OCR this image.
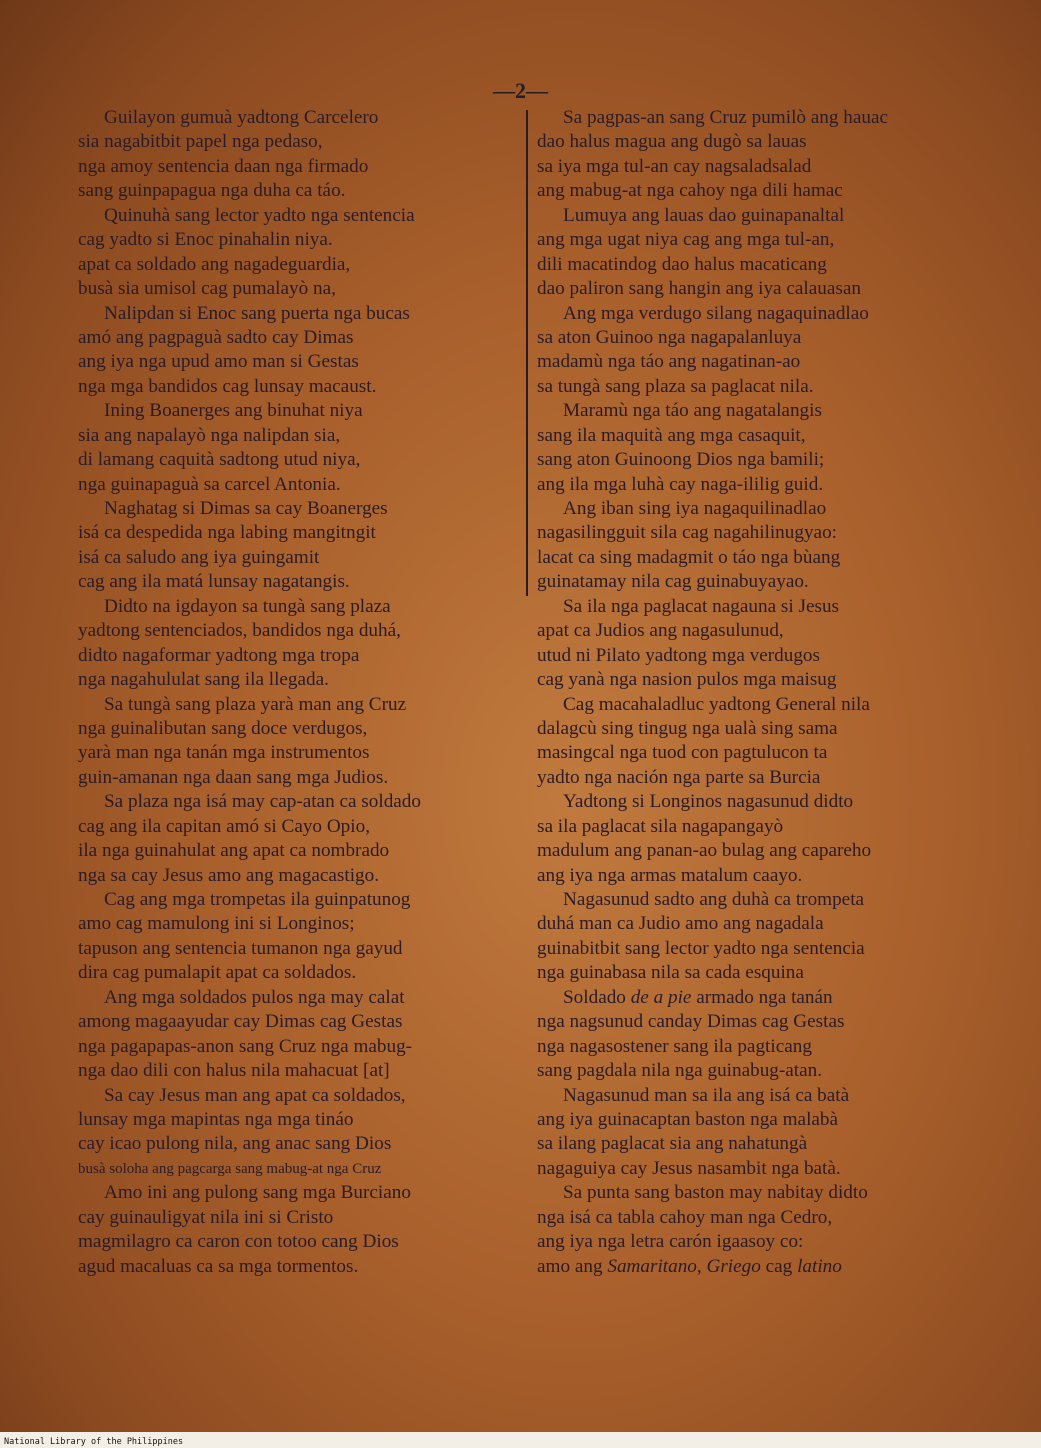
—2—
Guilayon gumuà yadtong Carcelero
sia nagabitbit papel nga pedaso,
nga amoy sentencia daan nga firmado
sang guinpapagua nga duha ca táo.
Quinuhà sang lector yadto nga sentencia
cag yadto si Enoc pinahalin niya.
apat ca soldado ang nagadeguardia,
busà sia umisol cag pumalayò na,
Nalipdan si Enoc sang puerta nga bucas
amó ang pagpaguà sadto cay Dimas
ang iya nga upud amo man si Gestas
nga mga bandidos cag lunsay macaust.
Ining Boanerges ang binuhat niya
sia ang napalayò nga nalipdan sia,
di lamang caquità sadtong utud niya,
nga guinapaguà sa carcel Antonia.
Naghatag si Dimas sa cay Boanerges
isá ca despedida nga labing mangitngit
isá ca saludo ang iya guingamit
cag ang ila matá lunsay nagatangis.
Didto na igdayon sa tungà sang plaza
yadtong sentenciados, bandidos nga duhá,
didto nagaformar yadtong mga tropa
nga nagahululat sang ila llegada.
Sa tungà sang plaza yarà man ang Cruz
nga guinalibutan sang doce verdugos,
yarà man nga tanán mga instrumentos
guin-amanan nga daan sang mga Judios.
Sa plaza nga isá may cap-atan ca soldado
cag ang ila capitan amó si Cayo Opio,
ila nga guinahulat ang apat ca nombrado
nga sa cay Jesus amo ang magacastigo.
Cag ang mga trompetas ila guinpatunog
amo cag mamulong ini si Longinos;
tapuson ang sentencia tumanon nga gayud
dira cag pumalapit apat ca soldados.
Ang mga soldados pulos nga may calat
among magaayudar cay Dimas cag Gestas
nga pagapapas-anon sang Cruz nga mabug-
nga dao dili con halus nila mahacuat [at]
Sa cay Jesus man ang apat ca soldados,
lunsay mga mapintas nga mga tináo
cay icao pulong nila, ang anac sang Dios
busà soloha ang pagcarga sang mabug-at nga Cruz
Amo ini ang pulong sang mga Burciano
cay guinauligyat nila ini si Cristo
magmilagro ca caron con totoo cang Dios
agud macaluas ca sa mga tormentos.
Sa pagpas-an sang Cruz pumilò ang hauac
dao halus magua ang dugò sa lauas
sa iya mga tul-an cay nagsaladsalad
ang mabug-at nga cahoy nga dili hamac
Lumuya ang lauas dao guinapanaltal
ang mga ugat niya cag ang mga tul-an,
dili macatindog dao halus macaticang
dao paliron sang hangin ang iya calauasan
Ang mga verdugo silang nagaquinadlao
sa aton Guinoo nga nagapalanluya
madamù nga táo ang nagatinan-ao
sa tungà sang plaza sa paglacat nila.
Maramù nga táo ang nagatalangis
sang ila maquità ang mga casaquit,
sang aton Guinoong Dios nga bamili;
ang ila mga luhà cay naga-ililig guid.
Ang iban sing iya nagaquilinadlao
nagasilingguit sila cag nagahilinugyao:
lacat ca sing madagmit o táo nga bùang
guinatamay nila cag guinabuyayao.
Sa ila nga paglacat nagauna si Jesus
apat ca Judios ang nagasulunud,
utud ni Pilato yadtong mga verdugos
cag yanà nga nasion pulos mga maisug
Cag macahaladluc yadtong General nila
dalagcù sing tingug nga ualà sing sama
masingcal nga tuod con pagtulucon ta
yadto nga nación nga parte sa Burcia
Yadtong si Longinos nagasunud didto
sa ila paglacat sila nagapangayò
madulum ang panan-ao bulag ang capareho
ang iya nga armas matalum caayo.
Nagasunud sadto ang duhà ca trompeta
duhá man ca Judio amo ang nagadala
guinabitbit sang lector yadto nga sentencia
nga guinabasa nila sa cada esquina
Soldado de a pie armado nga tanán
nga nagsunud canday Dimas cag Gestas
nga nagasostener sang ila pagticang
sang pagdala nila nga guinabug-atan.
Nagasunud man sa ila ang isá ca batà
ang iya guinacaptan baston nga malabà
sa ilang paglacat sia ang nahatungà
nagaguiya cay Jesus nasambit nga batà.
Sa punta sang baston may nabitay didto
nga isá ca tabla cahoy man nga Cedro,
ang iya nga letra carón igaasoy co:
amo ang Samaritano, Griego cag latino
National Library of the Philippines
